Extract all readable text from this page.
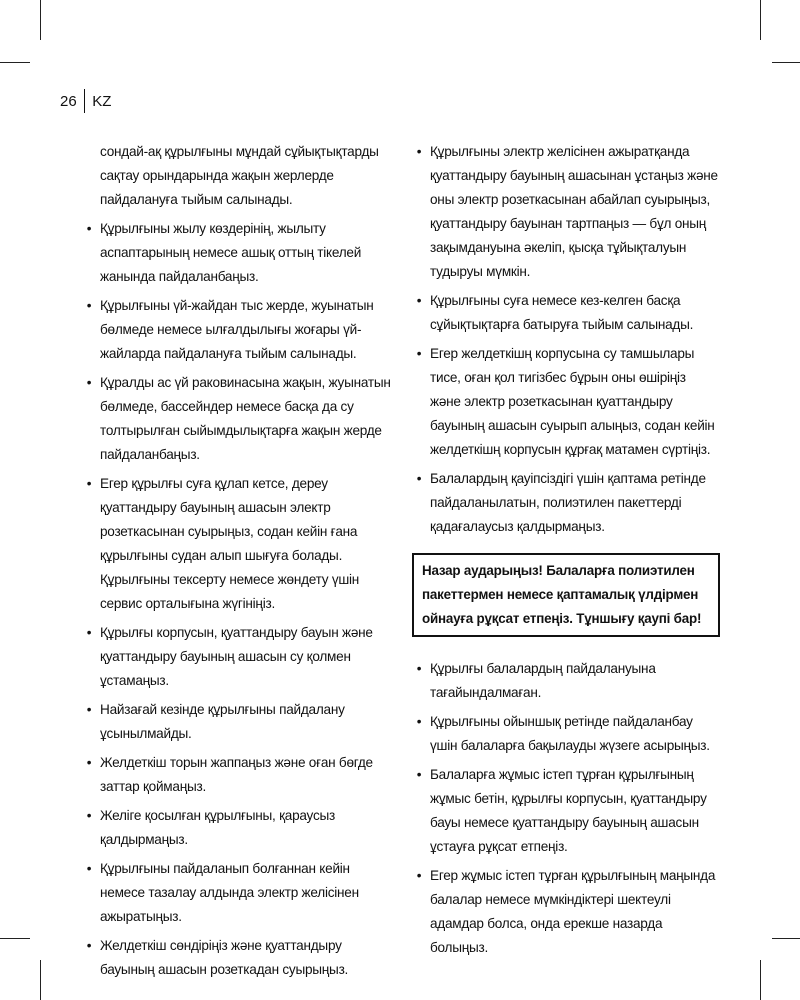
26	KZ

сондай-ақ құрылғыны мұндай сұйықтықтарды сақтау орындарында жақын жерлерде пайдалануға тыйым салынады.

• Құрылғыны жылу көздерінің, жылыту аспаптарының немесе ашық оттың тікелей жанында пайдаланбаңыз.
• Құрылғыны үй-жайдан тыс жерде, жуынатын бөлмеде немесе ылғалдылығы жоғары үй-жайларда пайдалануға тыйым салынады.
• Құралды ас үй раковинасына жақын, жуынатын бөлмеде, бассейндер немесе басқа да су толтырылған сыйымдылықтарға жақын жерде пайдаланбаңыз.
• Егер құрылғы суға құлап кетсе, дереу қуаттандыру бауының ашасын электр розеткасынан суырыңыз, содан кейін ғана құрылғыны судан алып шығуға болады. Құрылғыны тексерту немесе жөндету үшін сервис орталығына жүгініңіз.
• Құрылғы корпусын, қуаттандыру бауын және қуаттандыру бауының ашасын су қолмен ұстамаңыз.
• Найзағай кезінде құрылғыны пайдалану ұсынылмайды.
• Желдеткіш торын жаппаңыз және оған бөгде заттар қоймаңыз.
• Желіге қосылған құрылғыны, қараусыз қалдырмаңыз.
• Құрылғыны пайдаланып болғаннан кейін немесе тазалау алдында электр желісінен ажыратыңыз.
• Желдеткіш сөндіріңіз және қуаттандыру бауының ашасын розеткадан суырыңыз.
• Құрылғыны электр желісінен ажыратқанда қуаттандыру бауының ашасынан ұстаңыз және оны электр розеткасынан абайлап суырыңыз, қуаттандыру бауынан тартпаңыз — бұл оның зақымдануына әкеліп, қысқа тұйықталуын тудыруы мүмкін.
• Құрылғыны суға немесе кез-келген басқа сұйықтықтарға батыруға тыйым салынады.
• Егер желдеткішң корпусына су тамшылары тисе, оған қол тигізбес бұрын оны өшіріңіз және электр розеткасынан қуаттандыру бауының ашасын суырып алыңыз, содан кейін желдеткішң корпусын құрғақ матамен сүртіңіз.
• Балалардың қауіпсіздігі үшін қаптама ретінде пайдаланылатын, полиэтилен пакеттерді қадағалаусыз қалдырмаңыз.
Назар аударыңыз! Балаларға полиэтилен пакеттермен немесе қаптамалық үлдірмен ойнауға рұқсат етпеңіз. Тұншығу қаупі бар!
• Құрылғы балалардың пайдалануына тағайындалмаған.
• Құрылғыны ойыншық ретінде пайдаланбау үшін балаларға бақылауды жүзеге асырыңыз.
• Балаларға жұмыс істеп тұрған құрылғының жұмыс бетін, құрылғы корпусын, қуаттандыру бауы немесе қуаттандыру бауының ашасын ұстауға рұқсат етпеңіз.
• Егер жұмыс істеп тұрған құрылғының маңында балалар немесе мүмкіндіктері шектеулі адамдар болса, онда ерекше назарда болыңыз.
